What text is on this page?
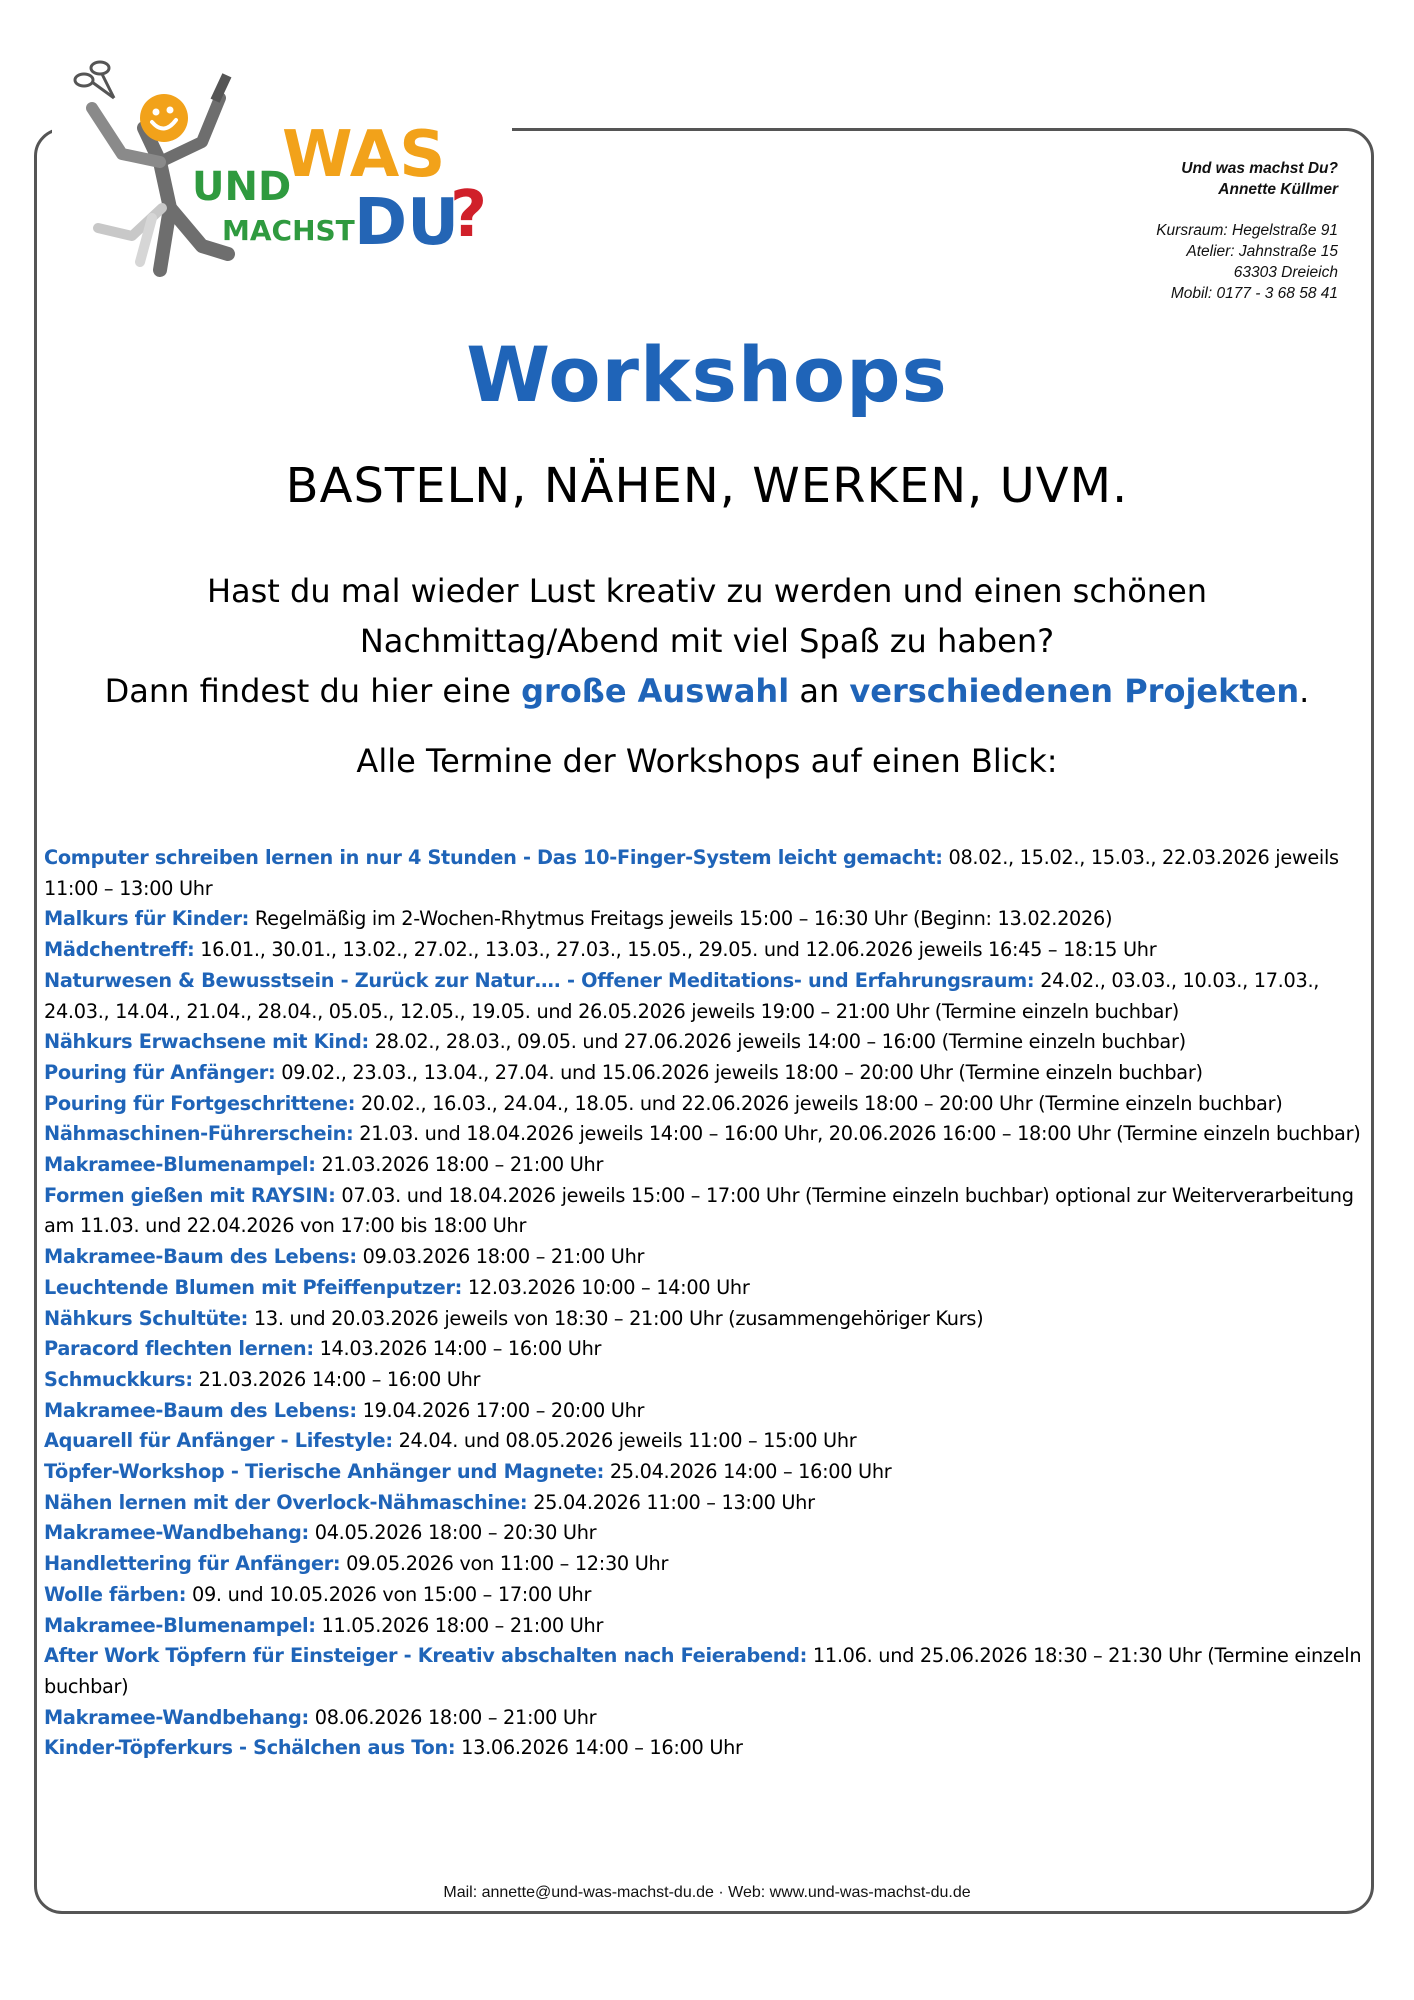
UND
WAS
MACHST DU
?
Und was machst Du?
Annette Küllmer
Kursraum: Hegelstraße 91
Atelier: Jahnstraße 15
63303 Dreieich
Mobil: 0177 - 3 68 58 41
Workshops
BASTELN, NÄHEN, WERKEN, UVM.
Hast du mal wieder Lust kreativ zu werden und einen schönen
Nachmittag/Abend mit viel Spaß zu haben?
Dann findest du hier eine große Auswahl an verschiedenen Projekten.
Alle Termine der Workshops auf einen Blick:
Computer schreiben lernen in nur 4 Stunden - Das 10-Finger-System leicht gemacht: 08.02., 15.02., 15.03., 22.03.2026 jeweils 11:00 – 13:00 Uhr
Malkurs für Kinder: Regelmäßig im 2-Wochen-Rhytmus Freitags jeweils 15:00 – 16:30 Uhr (Beginn: 13.02.2026)
Mädchentreff: 16.01., 30.01., 13.02., 27.02., 13.03., 27.03., 15.05., 29.05. und 12.06.2026 jeweils 16:45 – 18:15 Uhr
Naturwesen & Bewusstsein - Zurück zur Natur…. - Offener Meditations- und Erfahrungsraum: 24.02., 03.03., 10.03., 17.03., 24.03., 14.04., 21.04., 28.04., 05.05., 12.05., 19.05. und 26.05.2026 jeweils 19:00 – 21:00 Uhr (Termine einzeln buchbar)
Nähkurs Erwachsene mit Kind: 28.02., 28.03., 09.05. und 27.06.2026 jeweils 14:00 – 16:00 (Termine einzeln buchbar)
Pouring für Anfänger: 09.02., 23.03., 13.04., 27.04. und 15.06.2026 jeweils 18:00 – 20:00 Uhr (Termine einzeln buchbar)
Pouring für Fortgeschrittene: 20.02., 16.03., 24.04., 18.05. und 22.06.2026 jeweils 18:00 – 20:00 Uhr (Termine einzeln buchbar)
Nähmaschinen-Führerschein: 21.03. und 18.04.2026 jeweils 14:00 – 16:00 Uhr, 20.06.2026 16:00 – 18:00 Uhr (Termine einzeln buchbar)
Makramee-Blumenampel: 21.03.2026 18:00 – 21:00 Uhr
Formen gießen mit RAYSIN: 07.03. und 18.04.2026 jeweils 15:00 – 17:00 Uhr (Termine einzeln buchbar) optional zur Weiterverarbeitung am 11.03. und 22.04.2026 von 17:00 bis 18:00 Uhr
Makramee-Baum des Lebens: 09.03.2026 18:00 – 21:00 Uhr
Leuchtende Blumen mit Pfeiffenputzer: 12.03.2026 10:00 – 14:00 Uhr
Nähkurs Schultüte: 13. und 20.03.2026 jeweils von 18:30 – 21:00 Uhr (zusammengehöriger Kurs)
Paracord flechten lernen: 14.03.2026 14:00 – 16:00 Uhr
Schmuckkurs: 21.03.2026 14:00 – 16:00 Uhr
Makramee-Baum des Lebens: 19.04.2026 17:00 – 20:00 Uhr
Aquarell für Anfänger - Lifestyle: 24.04. und 08.05.2026 jeweils 11:00 – 15:00 Uhr
Töpfer-Workshop - Tierische Anhänger und Magnete: 25.04.2026 14:00 – 16:00 Uhr
Nähen lernen mit der Overlock-Nähmaschine: 25.04.2026 11:00 – 13:00 Uhr
Makramee-Wandbehang: 04.05.2026 18:00 – 20:30 Uhr
Handlettering für Anfänger: 09.05.2026 von 11:00 – 12:30 Uhr
Wolle färben: 09. und 10.05.2026 von 15:00 – 17:00 Uhr
Makramee-Blumenampel: 11.05.2026 18:00 – 21:00 Uhr
After Work Töpfern für Einsteiger - Kreativ abschalten nach Feierabend: 11.06. und 25.06.2026 18:30 – 21:30 Uhr (Termine einzeln buchbar)
Makramee-Wandbehang: 08.06.2026 18:00 – 21:00 Uhr
Kinder-Töpferkurs - Schälchen aus Ton: 13.06.2026 14:00 – 16:00 Uhr
Mail: annette@und-was-machst-du.de · Web: www.und-was-machst-du.de
